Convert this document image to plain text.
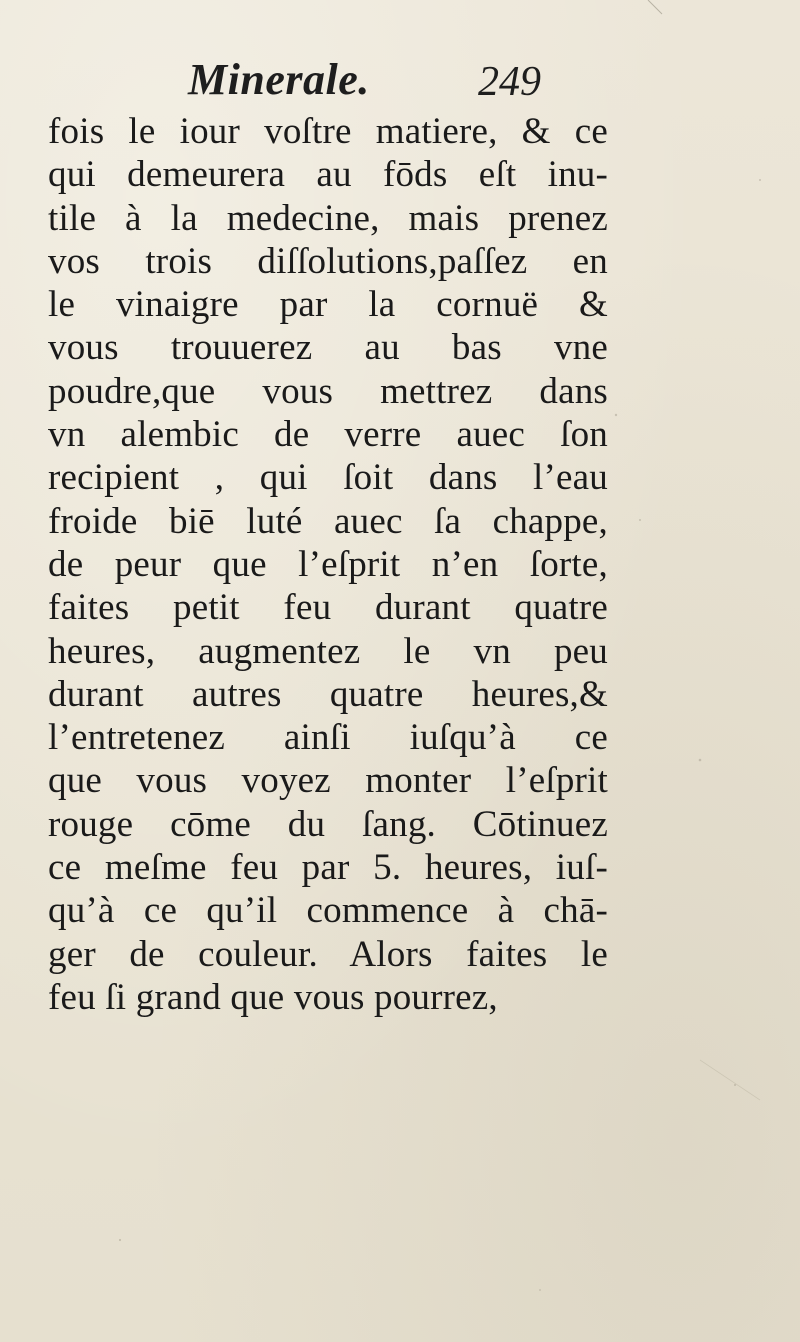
Minerale.	249
fois le iour voſtre matiere, & ce
qui demeurera au fōds eſt inu-
tile à la medecine, mais prenez
vos trois diſſolutions,paſſez en
le vinaigre par la cornuë &
vous trouuerez au bas vne
poudre,que vous mettrez dans
vn alembic de verre auec ſon
recipient , qui ſoit dans l’eau
froide biē luté auec ſa chappe,
de peur que l’eſprit n’en ſorte,
faites petit feu durant quatre
heures, augmentez le vn peu
durant autres quatre heures,&
l’entretenez ainſi iuſqu’à ce
que vous voyez monter l’eſprit
rouge cōme du ſang. Cōtinuez
ce meſme feu par 5. heures, iuſ-
qu’à ce qu’il commence à chā-
ger de couleur. Alors faites le
feu ſi grand que vous pourrez,
